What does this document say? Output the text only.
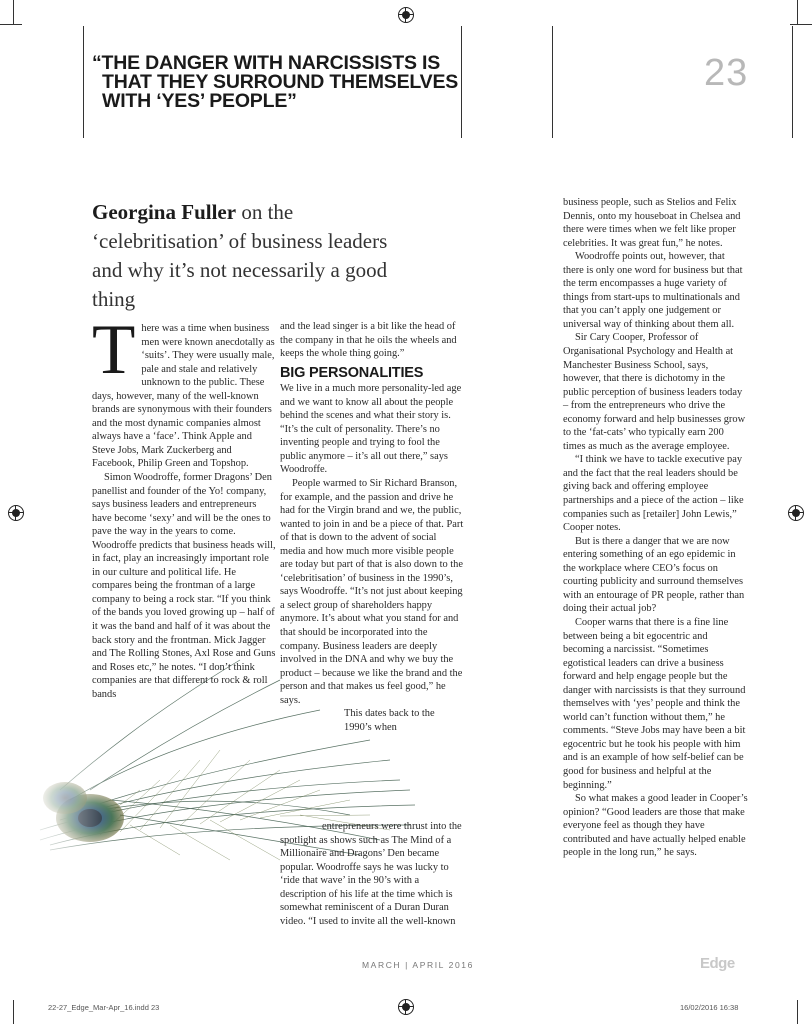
“THE DANGER WITH NARCISSISTS IS
THAT THEY SURROUND THEMSELVES
WITH ‘YES’ PEOPLE”
23
Georgina Fuller on the ‘celebritisation’ of business leaders and why it’s not necessarily a good thing

There was a time when business men were known anecdotally as ‘suits’. They were usually male, pale and stale and relatively unknown to the public. These days, however, many of the well-known brands are synonymous with their founders and the most dynamic companies almost always have a ‘face’. Think Apple and Steve Jobs, Mark Zuckerberg and Facebook, Philip Green and Topshop.

Simon Woodroffe, former Dragons’ Den panellist and founder of the Yo! company, says business leaders and entrepreneurs have become ‘sexy’ and will be the ones to pave the way in the years to come. Woodroffe predicts that business heads will, in fact, play an increasingly important role in our culture and political life. He compares being the frontman of a large company to being a rock star. “If you think of the bands you loved growing up – half of it was the band and half of it was about the back story and the frontman. Mick Jagger and The Rolling Stones, Axl Rose and Guns and Roses etc,” he notes. “I don’t think companies are that different to rock & roll bands

and the lead singer is a bit like the head of the company in that he oils the wheels and keeps the whole thing going.”

BIG PERSONALITIES

We live in a much more personality-led age and we want to know all about the people behind the scenes and what their story is. “It’s the cult of personality. There’s no inventing people and trying to fool the public anymore – it’s all out there,” says Woodroffe.

People warmed to Sir Richard Branson, for example, and the passion and drive he had for the Virgin brand and we, the public, wanted to join in and be a piece of that. Part of that is down to the advent of social media and how much more visible people are today but part of that is also down to the ‘celebritisation’ of business in the 1990’s, says Woodroffe. “It’s not just about keeping a select group of shareholders happy anymore. It’s about what you stand for and that should be incorporated into the company. Business leaders are deeply involved in the DNA and why we buy the product – because we like the brand and the person and that makes us feel good,” he says.

This dates back to the 1990’s when

entrepreneurs were thrust into the spotlight as shows such as The Mind of a Millionaire and Dragons’ Den became popular. Woodroffe says he was lucky to ‘ride that wave’ in the 90’s with a description of his life at the time which is somewhat reminiscent of a Duran Duran video. “I used to invite all the well-known

business people, such as Stelios and Felix Dennis, onto my houseboat in Chelsea and there were times when we felt like proper celebrities. It was great fun,” he notes.

Woodroffe points out, however, that there is only one word for business but that the term encompasses a huge variety of things from start-ups to multinationals and that you can’t apply one judgement or universal way of thinking about them all.

Sir Cary Cooper, Professor of Organisational Psychology and Health at Manchester Business School, says, however, that there is dichotomy in the public perception of business leaders today – from the entrepreneurs who drive the economy forward and help businesses grow to the ‘fat-cats’ who typically earn 200 times as much as the average employee.

“I think we have to tackle executive pay and the fact that the real leaders should be giving back and offering employee partnerships and a piece of the action – like companies such as [retailer] John Lewis,” Cooper notes.

But is there a danger that we are now entering something of an ego epidemic in the workplace where CEO’s focus on courting publicity and surround themselves with an entourage of PR people, rather than doing their actual job?

Cooper warns that there is a fine line between being a bit egocentric and becoming a narcissist. “Sometimes egotistical leaders can drive a business forward and help engage people but the danger with narcissists is that they surround themselves with ‘yes’ people and think the world can’t function without them,” he comments. “Steve Jobs may have been a bit egocentric but he took his people with him and is an example of how self-belief can be good for business and helpful at the beginning.”

So what makes a good leader in Cooper’s opinion? “Good leaders are those that make everyone feel as though they have contributed and have actually helped enable people in the long run,” he says.

MARCH | APRIL 2016	Edge
22-27_Edge_Mar-Apr_16.indd 23	16/02/2016 16:38
